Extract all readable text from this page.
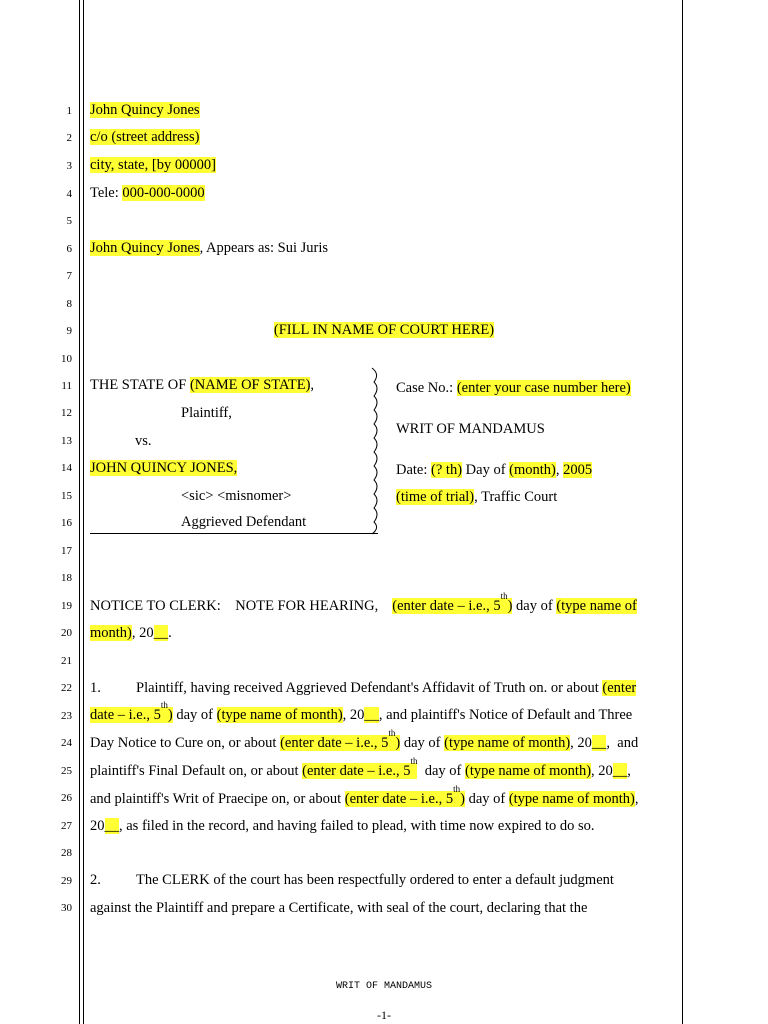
1
2
3
4
5
6
7
8
9
10
11
12
13
14
15
16
17
18
19
20
21
22
23
24
25
26
27
28
29
30
John Quincy Jones
c/o (street address)
city, state, [by 00000]
Tele: 000-000-0000
John Quincy Jones, Appears as: Sui Juris
(FILL IN NAME OF COURT HERE)
THE STATE OF (NAME OF STATE),
Plaintiff,
vs.
JOHN QUINCY JONES,
<sic> <misnomer>
Aggrieved Defendant
Case No.: (enter your case number here)
WRIT OF MANDAMUS
Date: (? th) Day of (month), 2005
(time of trial), Traffic Court
NOTICE TO CLERK:    NOTE FOR HEARING, (enter date – i.e., 5th) day of (type name of
month), 20__.
1. Plaintiff, having received Aggrieved Defendant's Affidavit of Truth on. or about (enter
date – i.e., 5th) day of (type name of month), 20__, and plaintiff's Notice of Default and Three
Day Notice to Cure on, or about (enter date – i.e., 5th) day of (type name of month), 20__,  and
plaintiff's Final Default on, or about (enter date – i.e., 5th  day of (type name of month), 20__,
and plaintiff's Writ of Praecipe on, or about (enter date – i.e., 5th) day of (type name of month),
20__, as filed in the record, and having failed to plead, with time now expired to do so.
2. The CLERK of the court has been respectfully ordered to enter a default judgment
against the Plaintiff and prepare a Certificate, with seal of the court, declaring that the
WRIT OF MANDAMUS
-1-
